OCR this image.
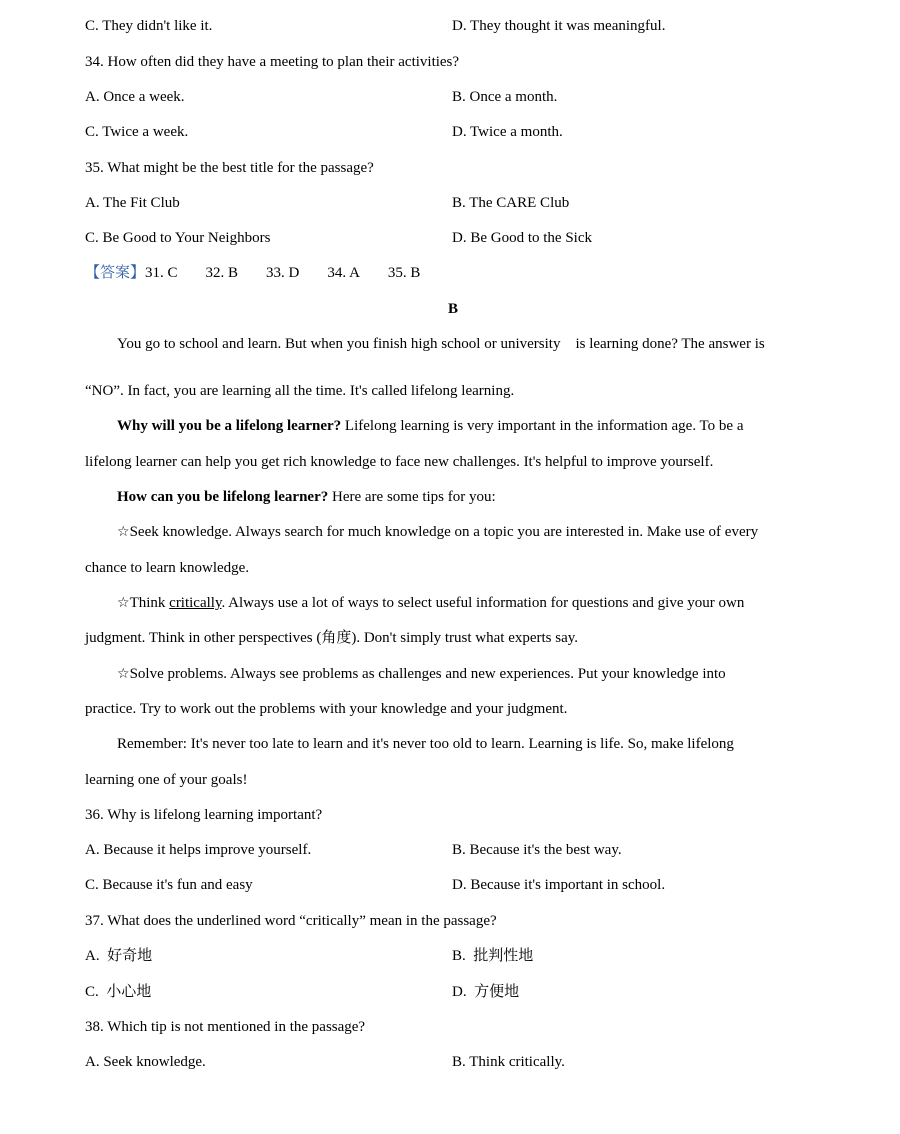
C. They didn't like it.	D. They thought it was meaningful.
34. How often did they have a meeting to plan their activities?
A. Once a week.	B. Once a month.
C. Twice a week.	D. Twice a month.
35. What might be the best title for the passage?
A. The Fit Club	B. The CARE Club
C. Be Good to Your Neighbors	D. Be Good to the Sick
【答案】31. C 32. B 33. D 34. A 35. B
B
You go to school and learn. But when you finish high school or university    is learning done? The answer is
“NO”. In fact, you are learning all the time. It's called lifelong learning.
Why will you be a lifelong learner? Lifelong learning is very important in the information age. To be a
lifelong learner can help you get rich knowledge to face new challenges. It's helpful to improve yourself.
How can you be lifelong learner? Here are some tips for you:
☆Seek knowledge. Always search for much knowledge on a topic you are interested in. Make use of every
chance to learn knowledge.
☆Think critically. Always use a lot of ways to select useful information for questions and give your own
judgment. Think in other perspectives (角度). Don't simply trust what experts say.
☆Solve problems. Always see problems as challenges and new experiences. Put your knowledge into
practice. Try to work out the problems with your knowledge and your judgment.
Remember: It's never too late to learn and it's never too old to learn. Learning is life. So, make lifelong
learning one of your goals!
36. Why is lifelong learning important?
A. Because it helps improve yourself.	B. Because it's the best way.
C. Because it's fun and easy	D. Because it's important in school.
37. What does the underlined word “critically” mean in the passage?
A.  好奇地	B.  批判性地
C.  小心地	D.  方便地
38. Which tip is not mentioned in the passage?
A. Seek knowledge.	B. Think critically.
